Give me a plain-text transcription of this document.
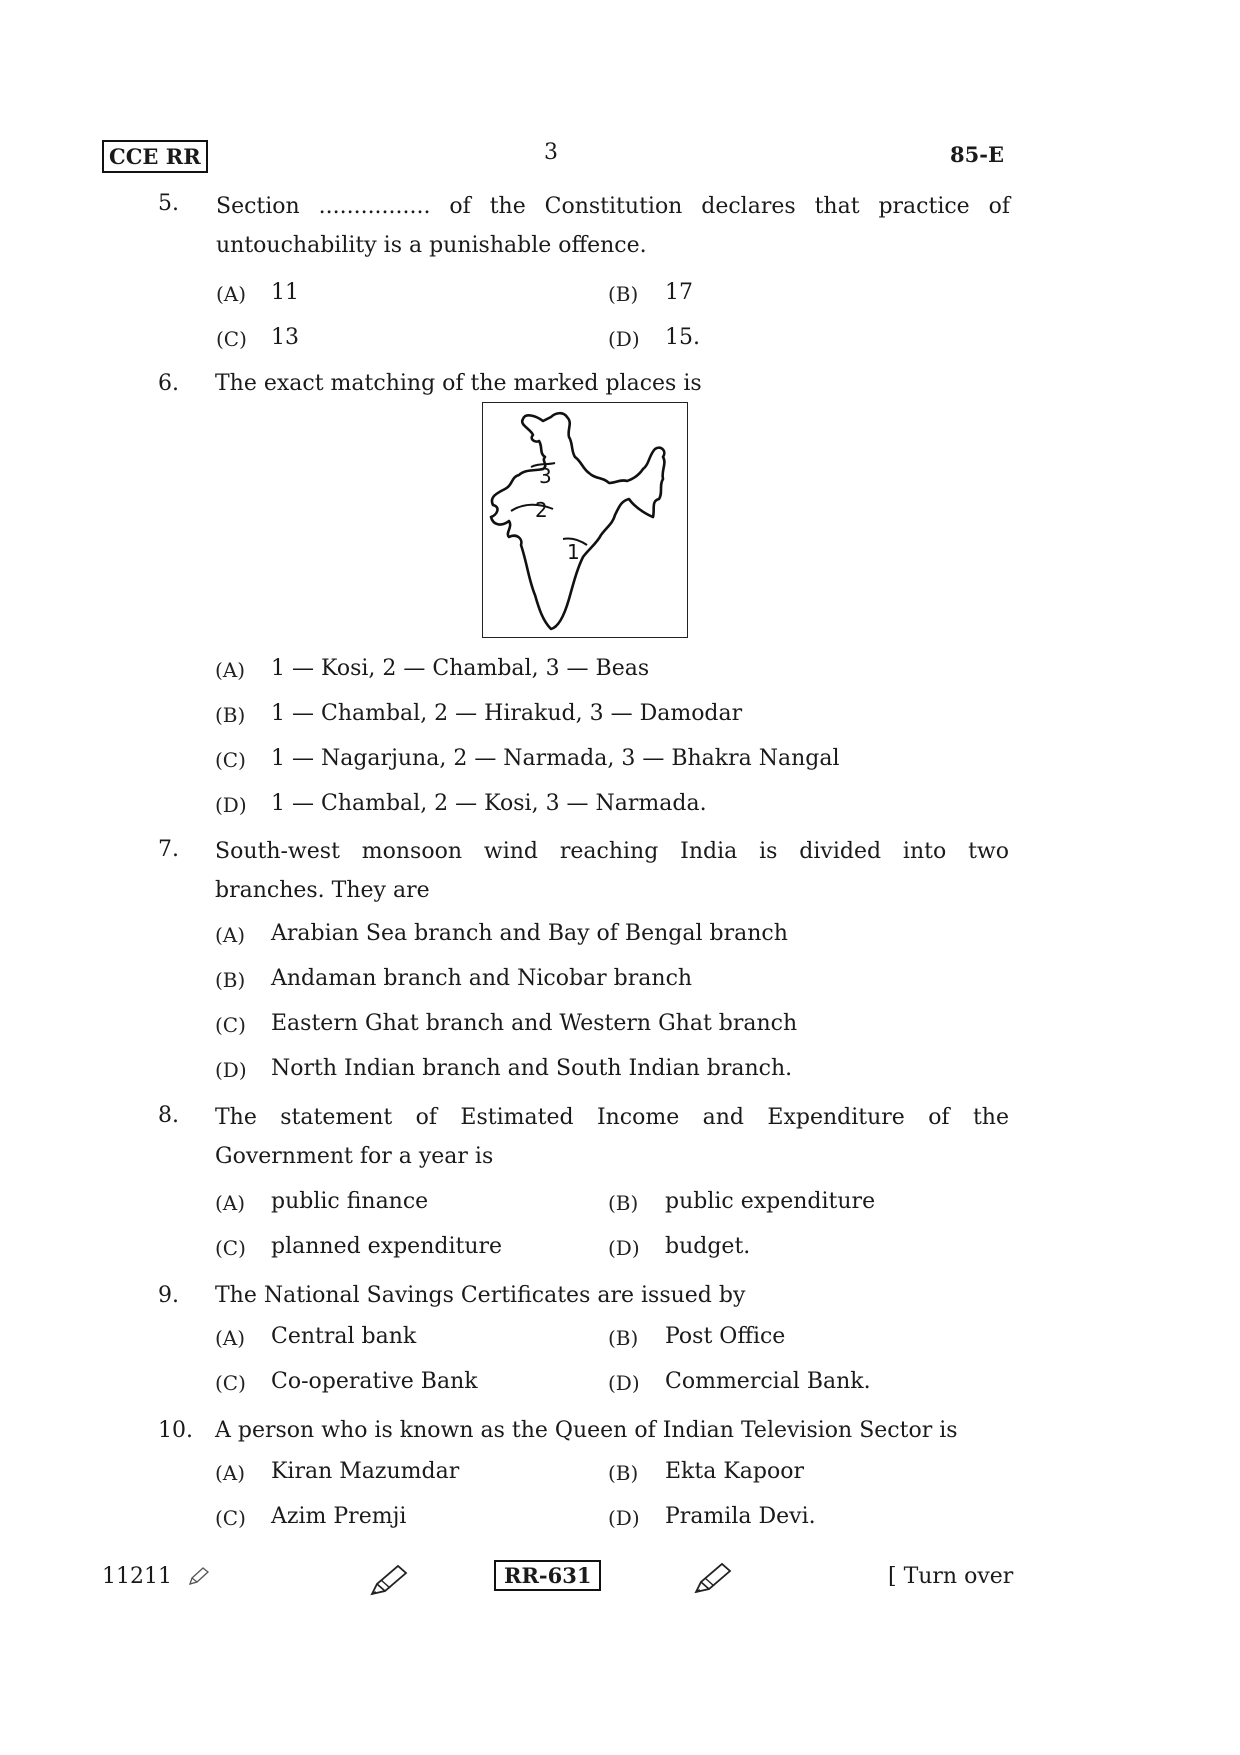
CCE RR	3	85-E
5. Section ................ of the Constitution declares that practice of
untouchability is a punishable offence.
(A) 11	(B) 17
(C) 13	(D) 15.
6. The exact matching of the marked places is
3
2
1
(A) 1 — Kosi, 2 — Chambal, 3 — Beas
(B) 1 — Chambal, 2 — Hirakud, 3 — Damodar
(C) 1 — Nagarjuna, 2 — Narmada, 3 — Bhakra Nangal
(D) 1 — Chambal, 2 — Kosi, 3 — Narmada.
7. South-west monsoon wind reaching India is divided into two
branches. They are
(A) Arabian Sea branch and Bay of Bengal branch
(B) Andaman branch and Nicobar branch
(C) Eastern Ghat branch and Western Ghat branch
(D) North Indian branch and South Indian branch.
8. The statement of Estimated Income and Expenditure of the
Government for a year is
(A) public finance	(B) public expenditure
(C) planned expenditure	(D) budget.
9. The National Savings Certificates are issued by
(A) Central bank	(B) Post Office
(C) Co-operative Bank	(D) Commercial Bank.
10. A person who is known as the Queen of Indian Television Sector is
(A) Kiran Mazumdar	(B) Ekta Kapoor
(C) Azim Premji	(D) Pramila Devi.
11211	RR-631	[ Turn over
